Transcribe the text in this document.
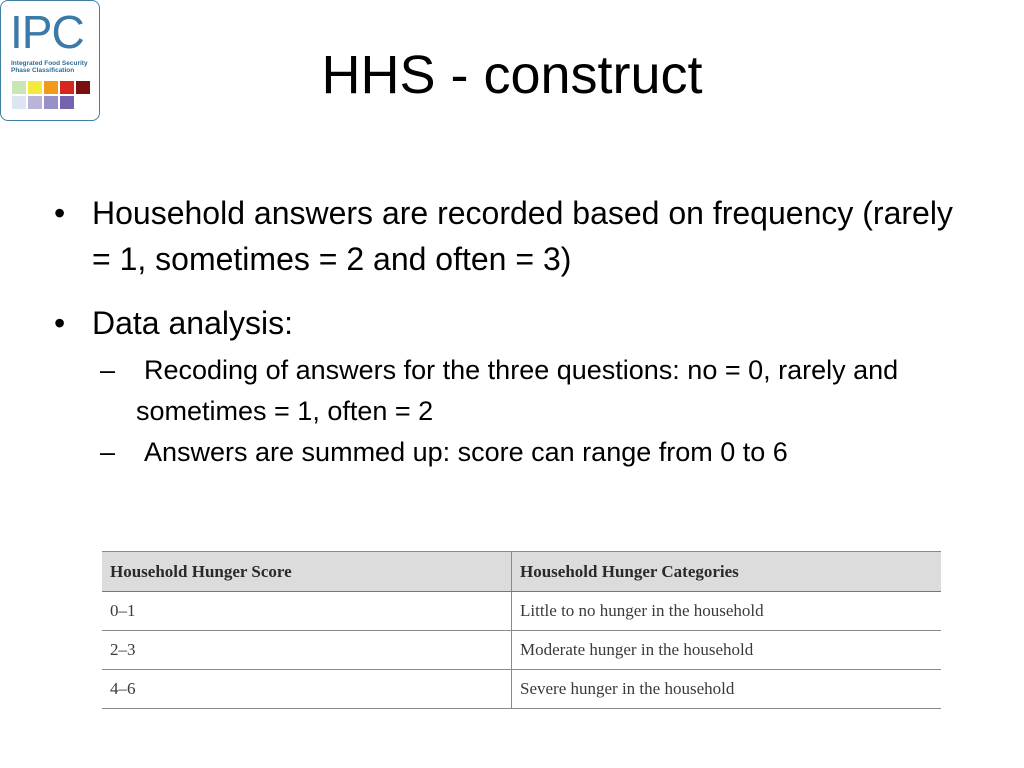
IPC
Integrated Food Security
Phase Classification	HHS - construct
• Household answers are recorded based on frequency (rarely = 1, sometimes = 2 and often = 3)
• Data analysis:
– Recoding of answers for the three questions: no = 0, rarely and sometimes = 1, often = 2
– Answers are summed up: score can range from 0 to 6
Household Hunger Score	Household Hunger Categories
0–1	Little to no hunger in the household
2–3	Moderate hunger in the household
4–6	Severe hunger in the household
